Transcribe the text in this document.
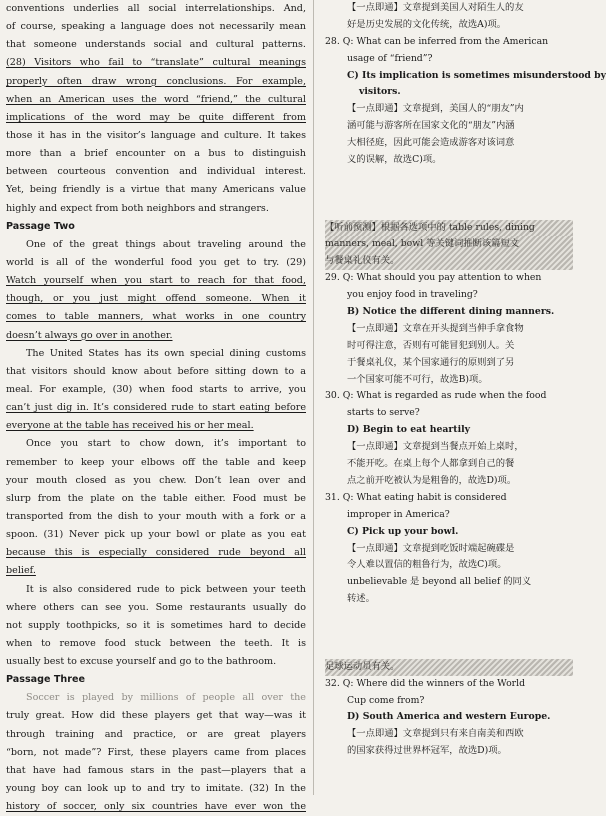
conventions underlies all social interrelationships. And,
of course, speaking a language does not necessarily mean
that someone understands social and cultural patterns.
(28) Visitors who fail to “translate” cultural meanings
properly often draw wrong conclusions. For example,
when an American uses the word “friend,” the cultural
implications of the word may be quite different from
those it has in the visitor’s language and culture. It takes
more than a brief encounter on a bus to distinguish
between courteous convention and individual interest.
Yet, being friendly is a virtue that many Americans value
highly and expect from both neighbors and strangers.
Passage Two
One of the great things about traveling around the
world is all of the wonderful food you get to try. (29)
Watch yourself when you start to reach for that food,
though, or you just might offend someone. When it
comes to table manners, what works in one country
doesn’t always go over in another.
The United States has its own special dining customs
that visitors should know about before sitting down to a
meal. For example, (30) when food starts to arrive, you
can’t just dig in. It’s considered rude to start eating before
everyone at the table has received his or her meal.
Once you start to chow down, it’s important to
remember to keep your elbows off the table and keep
your mouth closed as you chew. Don’t lean over and
slurp from the plate on the table either. Food must be
transported from the dish to your mouth with a fork or a
spoon. (31) Never pick up your bowl or plate as you eat
because this is especially considered rude beyond all
belief.
It is also considered rude to pick between your teeth
where others can see you. Some restaurants usually do
not supply toothpicks, so it is sometimes hard to decide
when to remove food stuck between the teeth. It is
usually best to excuse yourself and go to the bathroom.
Passage Three
Soccer is played by millions of people all over the
truly great. How did these players get that way—was it
through training and practice, or are great players
“born, not made”? First, these players came from places
that have had famous stars in the past—players that a
young boy can look up to and try to imitate. (32) In the
history of soccer, only six countries have ever won the
【一点即通】文章提到美国人对陌生人的友
好是历史发展的文化传统，故选A)项。
28. Q: What can be inferred from the American
usage of “friend”?
C) Its implication is sometimes misunderstood by
visitors.
【一点即通】文章提到，美国人的“朋友”内
涵可能与游客所在国家文化的“朋友”内涵
大相径庭，因此可能会造成游客对该词意
义的误解，故选C)项。
【听前预测】根据各选项中的 table rules, dining
manners, meal, bowl 等关键词推断该篇短文
与餐桌礼仪有关。
29. Q: What should you pay attention to when
you enjoy food in traveling?
B) Notice the different dining manners.
【一点即通】文章在开头提到当伸手拿食物
时可得注意，否则有可能冒犯到别人。关
于餐桌礼仪，某个国家通行的原则到了另
一个国家可能不可行，故选B)项。
30. Q: What is regarded as rude when the food
starts to serve?
D) Begin to eat heartily
【一点即通】文章提到当餐点开始上桌时，
不能开吃。在桌上每个人都拿到自己的餐
点之前开吃被认为是粗鲁的，故选D)项。
31. Q: What eating habit is considered
improper in America?
C) Pick up your bowl.
【一点即通】文章提到吃饭时端起碗碟是
令人难以置信的粗鲁行为，故选C)项。
unbelievable 是 beyond all belief 的同义
转述。
足球运动员有关。
32. Q: Where did the winners of the World
Cup come from?
D) South America and western Europe.
【一点即通】文章提到只有来自南美和西欧
的国家获得过世界杯冠军，故选D)项。
